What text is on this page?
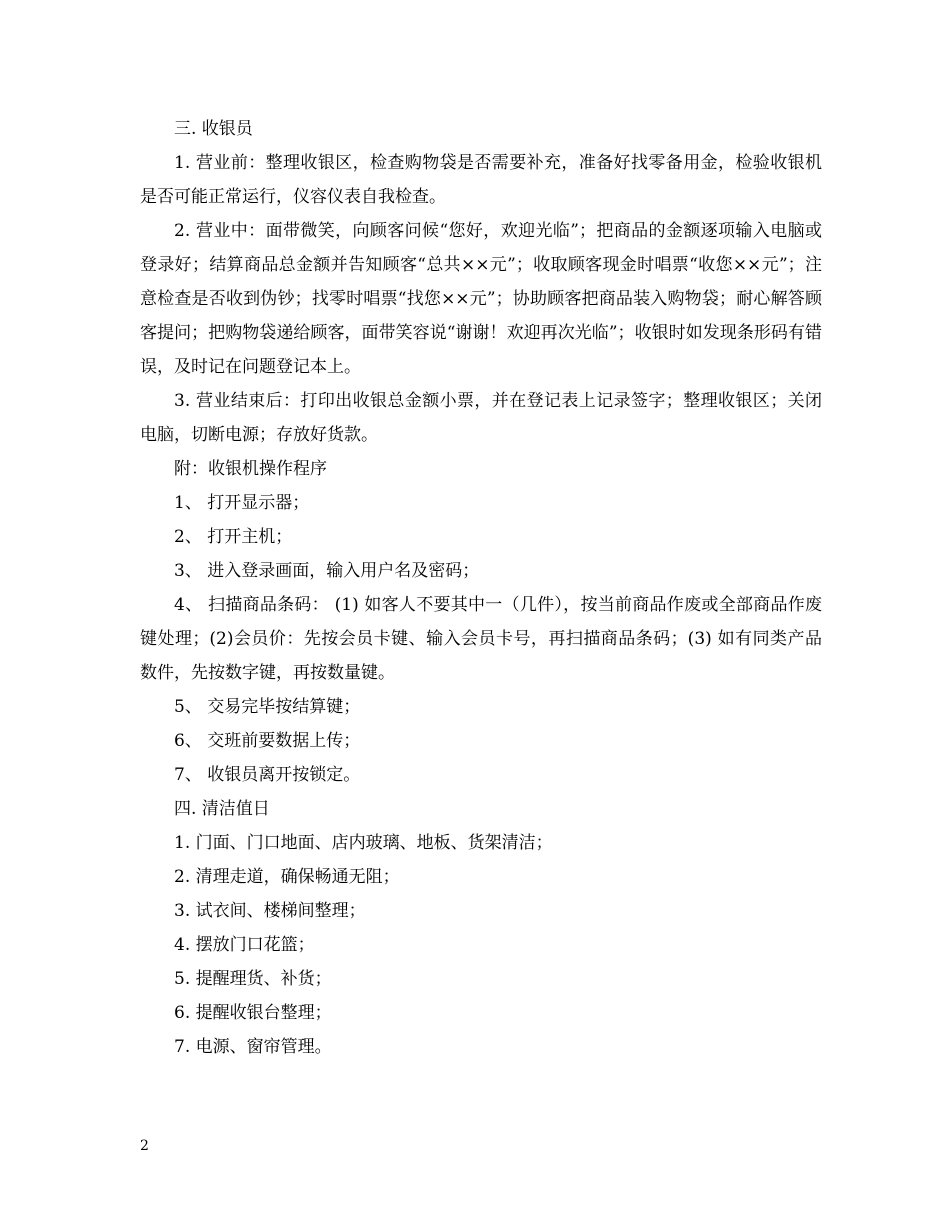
三. 收银员

1. 营业前：整理收银区，检查购物袋是否需要补充，准备好找零备用金，检验收银机是否可能正常运行，仪容仪表自我检查。

2. 营业中：面带微笑，向顾客问候“您好，欢迎光临”；把商品的金额逐项输入电脑或登录好；结算商品总金额并告知顾客“总共××元”；收取顾客现金时唱票“收您××元”；注意检查是否收到伪钞；找零时唱票“找您××元”；协助顾客把商品装入购物袋；耐心解答顾客提问；把购物袋递给顾客，面带笑容说“谢谢！欢迎再次光临”；收银时如发现条形码有错误，及时记在问题登记本上。

3. 营业结束后：打印出收银总金额小票，并在登记表上记录签字；整理收银区；关闭电脑，切断电源；存放好货款。

附：收银机操作程序

1、 打开显示器；

2、 打开主机；

3、 进入登录画面，输入用户名及密码；

4、 扫描商品条码： (1) 如客人不要其中一（几件），按当前商品作废或全部商品作废键处理；(2)会员价：先按会员卡键、输入会员卡号，再扫描商品条码；(3) 如有同类产品数件，先按数字键，再按数量键。

5、 交易完毕按结算键；

6、 交班前要数据上传；

7、 收银员离开按锁定。

四. 清洁值日

1. 门面、门口地面、店内玻璃、地板、货架清洁；

2. 清理走道，确保畅通无阻；

3. 试衣间、楼梯间整理；

4. 摆放门口花篮；

5. 提醒理货、补货；

6. 提醒收银台整理；

7. 电源、窗帘管理。

2
